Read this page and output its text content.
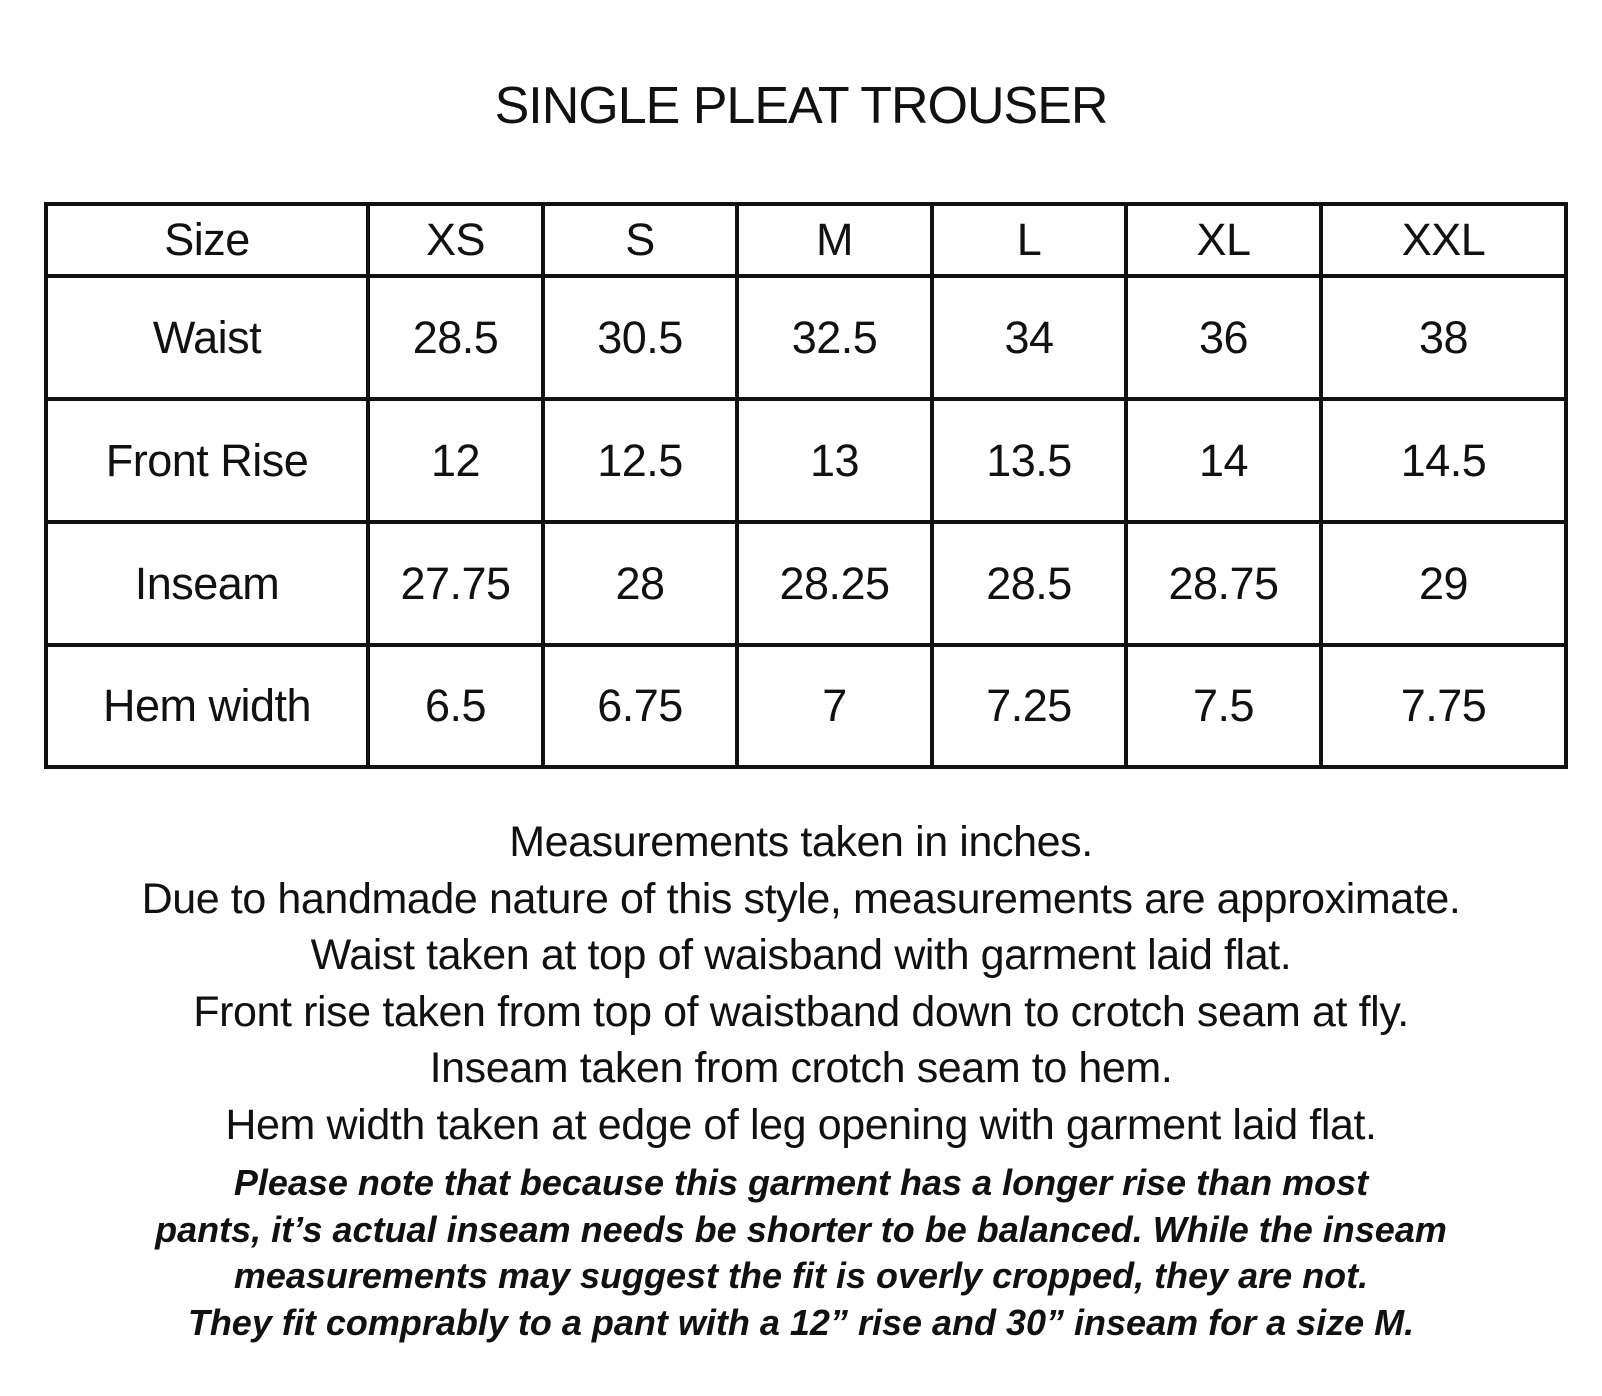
SINGLE PLEAT TROUSER
Size	XS	S	M	L	XL	XXL
Waist	28.5	30.5	32.5	34	36	38
Front Rise	12	12.5	13	13.5	14	14.5
Inseam	27.75	28	28.25	28.5	28.75	29
Hem width	6.5	6.75	7	7.25	7.5	7.75
Measurements taken in inches.
Due to handmade nature of this style, measurements are approximate.
Waist taken at top of waisband with garment laid flat.
Front rise taken from top of waistband down to crotch seam at fly.
Inseam taken from crotch seam to hem.
Hem width taken at edge of leg opening with garment laid flat.
Please note that because this garment has a longer rise than most
pants, it’s actual inseam needs be shorter to be balanced. While the inseam
measurements may suggest the fit is overly cropped, they are not.
They fit comprably to a pant with a 12” rise and 30” inseam for a size M.
